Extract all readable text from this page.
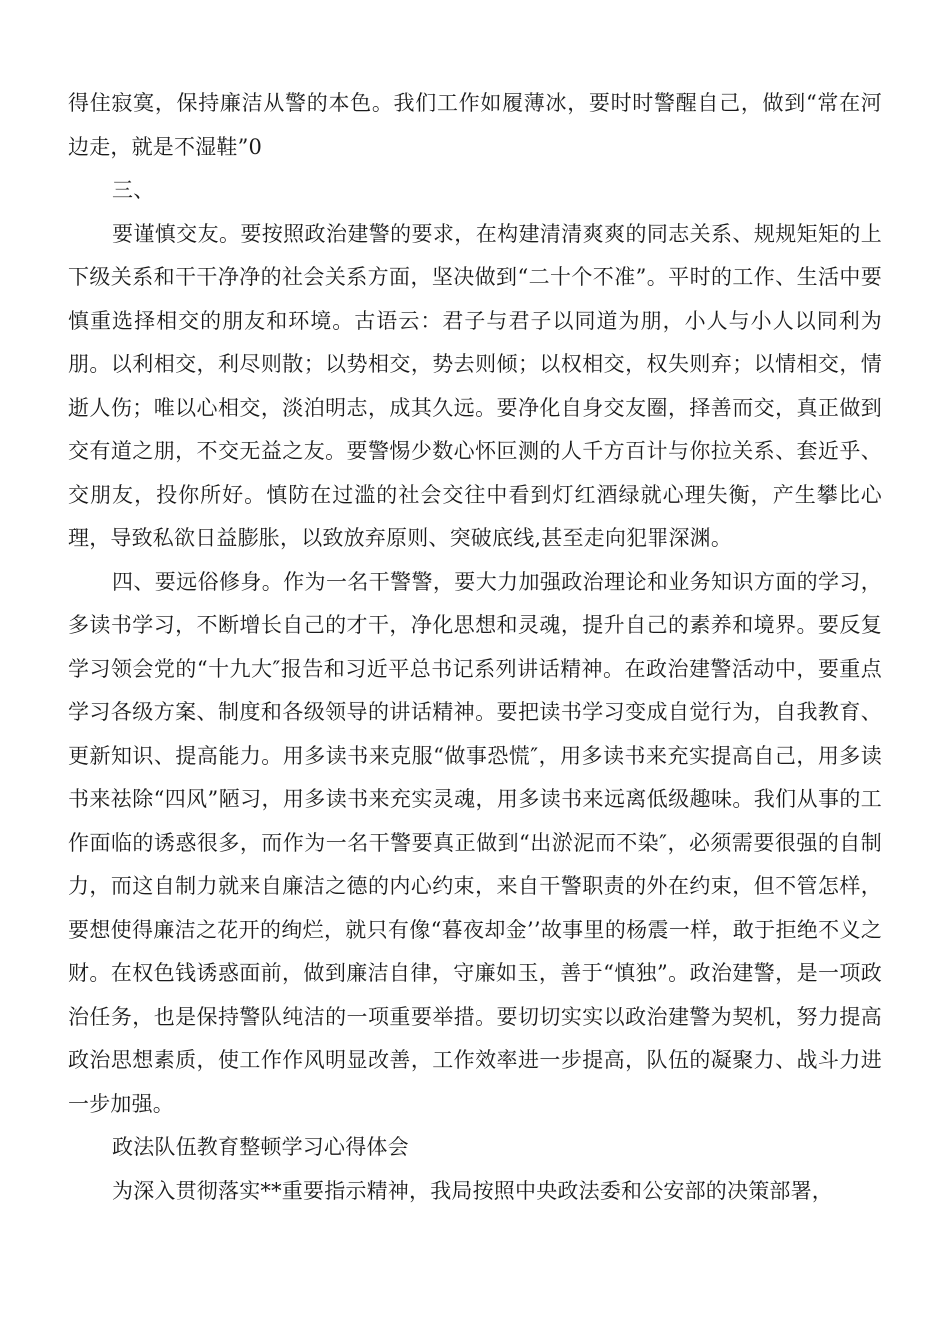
得住寂寞，保持廉洁从警的本色。我们工作如履薄冰，要时时警醒自己，做到“常在河边走，就是不湿鞋”0

三、

要谨慎交友。要按照政治建警的要求，在构建清清爽爽的同志关系、规规矩矩的上下级关系和干干净净的社会关系方面，坚决做到“二十个不准”。平时的工作、生活中要慎重选择相交的朋友和环境。古语云：君子与君子以同道为朋，小人与小人以同利为朋。以利相交，利尽则散；以势相交，势去则倾；以权相交，权失则弃；以情相交，情逝人伤；唯以心相交，淡泊明志，成其久远。要净化自身交友圈，择善而交，真正做到交有道之朋，不交无益之友。要警惕少数心怀叵测的人千方百计与你拉关系、套近乎、交朋友，投你所好。慎防在过滥的社会交往中看到灯红酒绿就心理失衡，产生攀比心理，导致私欲日益膨胀，以致放弃原则、突破底线,甚至走向犯罪深渊。

四、要远俗修身。作为一名干警警，要大力加强政治理论和业务知识方面的学习，多读书学习，不断增长自己的才干，净化思想和灵魂，提升自己的素养和境界。要反复学习领会党的“十九大″报告和习近平总书记系列讲话精神。在政治建警活动中，要重点学习各级方案、制度和各级领导的讲话精神。要把读书学习变成自觉行为，自我教育、更新知识、提高能力。用多读书来克服“做事恐慌″，用多读书来充实提高自己，用多读书来祛除“四风”陋习，用多读书来充实灵魂，用多读书来远离低级趣味。我们从事的工作面临的诱惑很多，而作为一名干警要真正做到“出淤泥而不染″，必须需要很强的自制力，而这自制力就来自廉洁之德的内心约束，来自干警职责的外在约束，但不管怎样，要想使得廉洁之花开的绚烂，就只有像“暮夜却金’’故事里的杨震一样，敢于拒绝不义之财。在权色钱诱惑面前，做到廉洁自律，守廉如玉，善于“慎独”。政治建警，是一项政治任务，也是保持警队纯洁的一项重要举措。要切切实实以政治建警为契机，努力提高政治思想素质，使工作作风明显改善，工作效率进一步提高，队伍的凝聚力、战斗力进一步加强。

政法队伍教育整顿学习心得体会

为深入贯彻落实**重要指示精神，我局按照中央政法委和公安部的决策部署，
